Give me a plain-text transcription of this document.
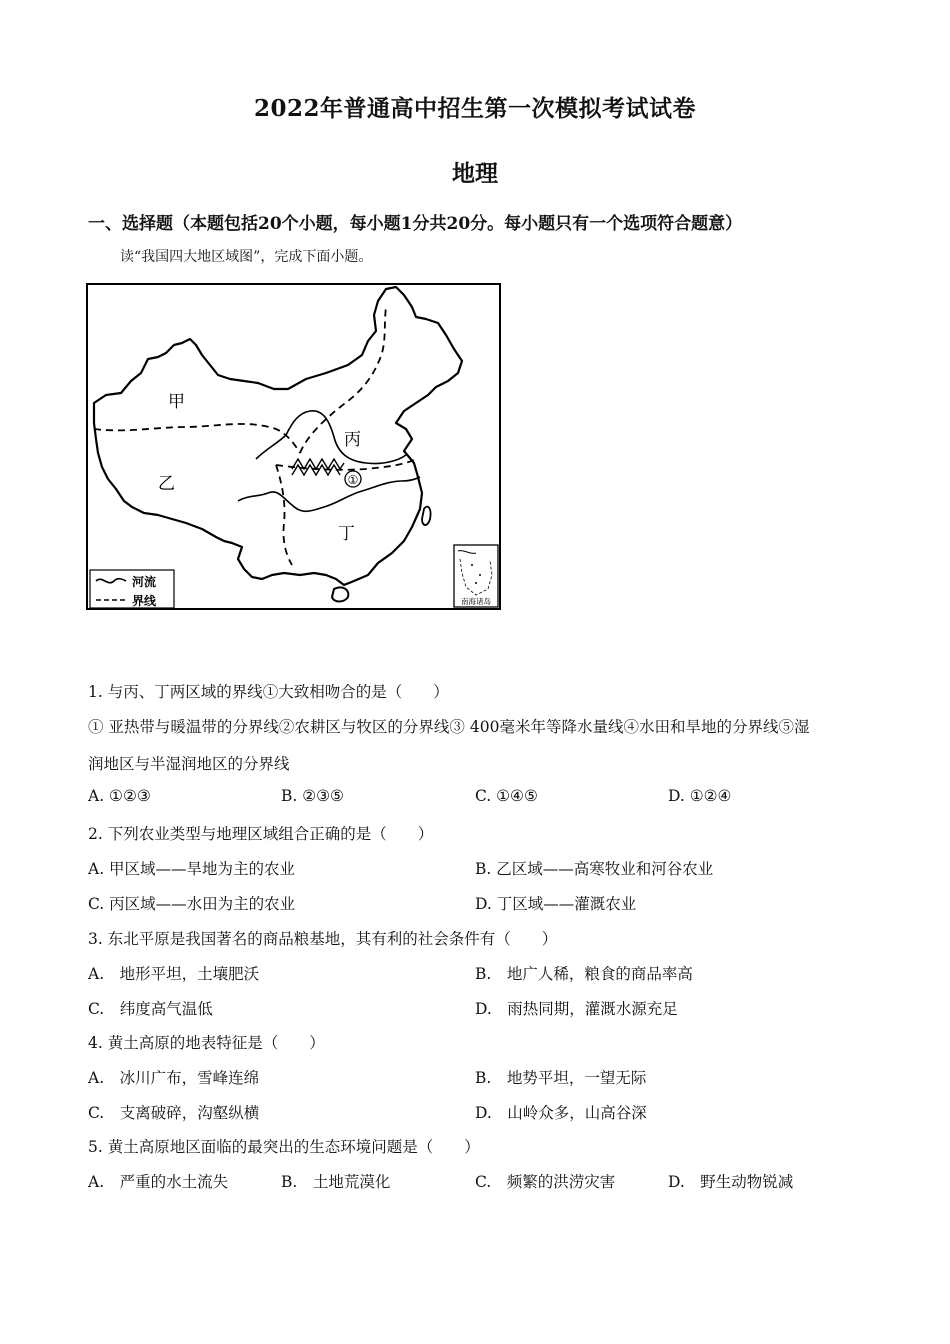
2022年普通高中招生第一次模拟考试试卷
地理
一、选择题（本题包括20个小题，每小题1分共20分。每小题只有一个选项符合题意）
读“我国四大地区域图”，完成下面小题。
①
甲
乙
丙
丁
河流
界线	南海诸岛
1. 与丙、丁两区域的界线①大致相吻合的是（　　）
① 亚热带与暖温带的分界线②农耕区与牧区的分界线③ 400毫米年等降水量线④水田和旱地的分界线⑤湿
润地区与半湿润地区的分界线
A. ①②③	B. ②③⑤	C. ①④⑤	D. ①②④
2. 下列农业类型与地理区域组合正确的是（　　）
A. 甲区域——旱地为主的农业	B. 乙区域——高寒牧业和河谷农业
C. 丙区域——水田为主的农业	D. 丁区域——灌溉农业
3. 东北平原是我国著名的商品粮基地，其有利的社会条件有（　　）
A.　地形平坦，土壤肥沃	B.　地广人稀，粮食的商品率高
C.　纬度高气温低	D.　雨热同期，灌溉水源充足
4. 黄土高原的地表特征是（　　）
A.　冰川广布，雪峰连绵	B.　地势平坦，一望无际
C.　支离破碎，沟壑纵横	D.　山岭众多，山高谷深
5. 黄土高原地区面临的最突出的生态环境问题是（　　）
A.　严重的水土流失	B.　土地荒漠化	C.　频繁的洪涝灾害	D.　野生动物锐减
